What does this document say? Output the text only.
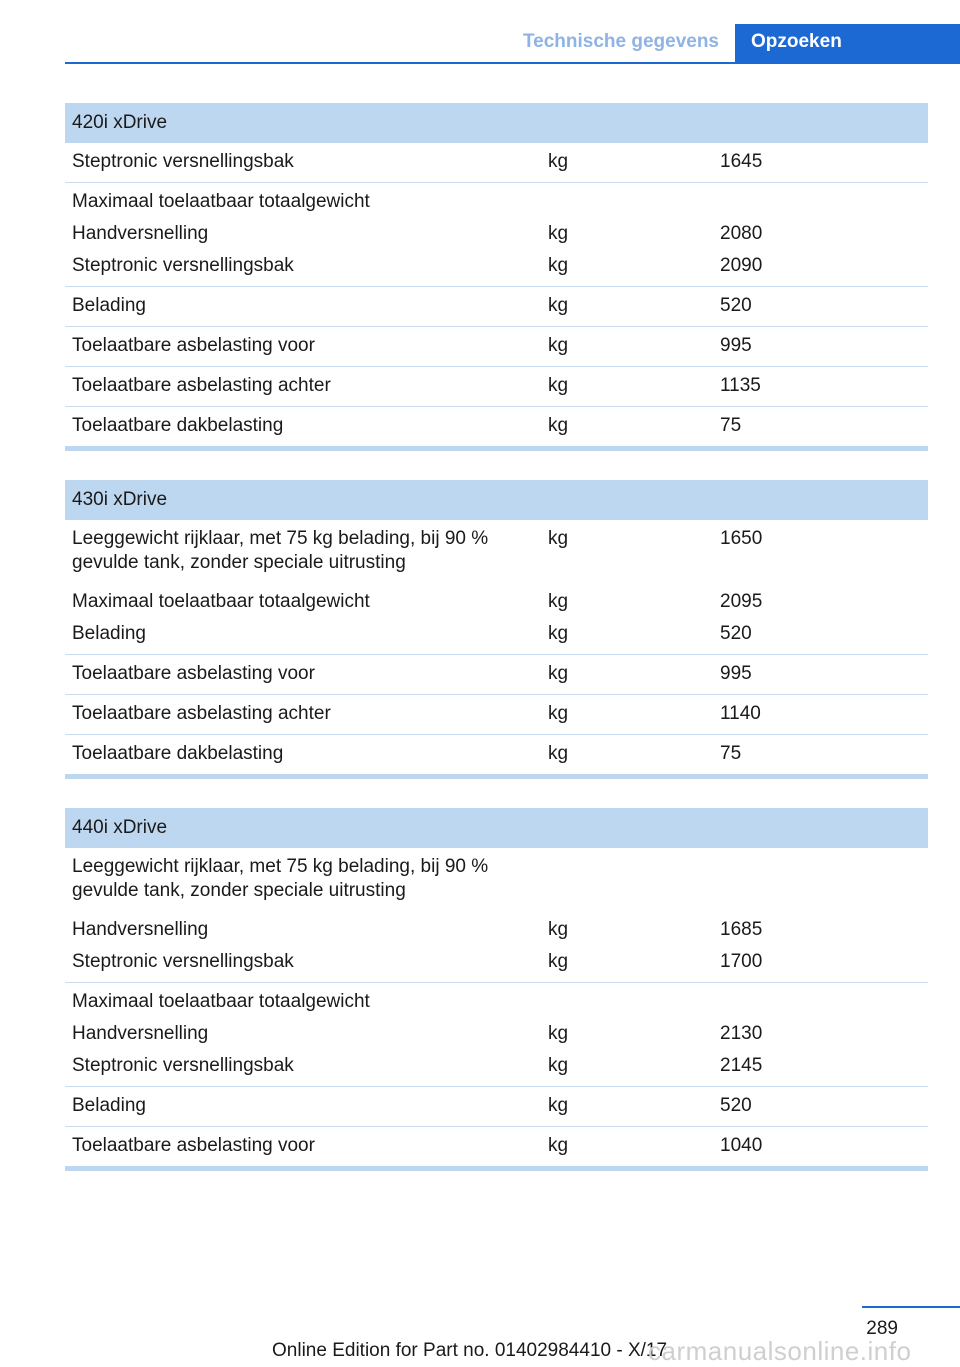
Technische gegevens	Opzoeken
420i xDrive		
Steptronic versnellingsbak	kg	1645
Maximaal toelaatbaar totaalgewicht		
Handversnelling	kg	2080
Steptronic versnellingsbak	kg	2090
Belading	kg	520
Toelaatbare asbelasting voor	kg	995
Toelaatbare asbelasting achter	kg	1135
Toelaatbare dakbelasting	kg	75
430i xDrive		
Leeggewicht rijklaar, met 75 kg belading, bij 90 % gevulde tank, zonder speciale uitrusting	kg	1650
Maximaal toelaatbaar totaalgewicht	kg	2095
Belading	kg	520
Toelaatbare asbelasting voor	kg	995
Toelaatbare asbelasting achter	kg	1140
Toelaatbare dakbelasting	kg	75
440i xDrive		
Leeggewicht rijklaar, met 75 kg belading, bij 90 % gevulde tank, zonder speciale uitrusting		
Handversnelling	kg	1685
Steptronic versnellingsbak	kg	1700
Maximaal toelaatbaar totaalgewicht		
Handversnelling	kg	2130
Steptronic versnellingsbak	kg	2145
Belading	kg	520
Toelaatbare asbelasting voor	kg	1040
289
Online Edition for Part no. 01402984410 - X/17
carmanualsonline.info
